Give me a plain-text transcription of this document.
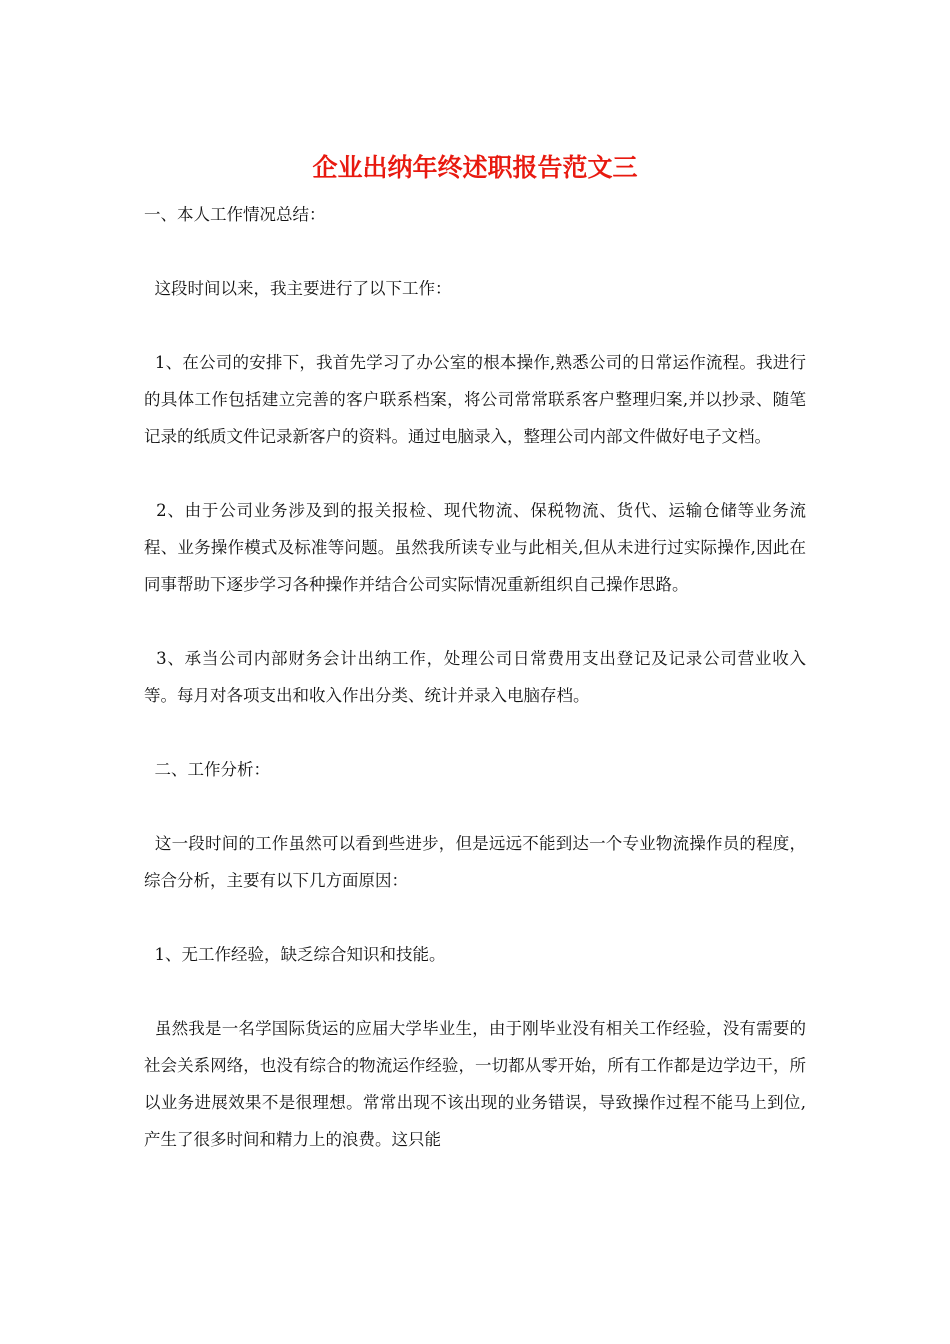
企业出纳年终述职报告范文三

一、本人工作情况总结：

这段时间以来，我主要进行了以下工作：

1、在公司的安排下，我首先学习了办公室的根本操作,熟悉公司的日常运作流程。我进行的具体工作包括建立完善的客户联系档案，将公司常常联系客户整理归案,并以抄录、随笔记录的纸质文件记录新客户的资料。通过电脑录入，整理公司内部文件做好电子文档。

2、由于公司业务涉及到的报关报检、现代物流、保税物流、货代、运输仓储等业务流程、业务操作模式及标准等问题。虽然我所读专业与此相关,但从未进行过实际操作,因此在同事帮助下逐步学习各种操作并结合公司实际情况重新组织自己操作思路。

3、承当公司内部财务会计出纳工作，处理公司日常费用支出登记及记录公司营业收入等。每月对各项支出和收入作出分类、统计并录入电脑存档。

二、工作分析：

这一段时间的工作虽然可以看到些进步，但是远远不能到达一个专业物流操作员的程度，综合分析，主要有以下几方面原因：

1、无工作经验，缺乏综合知识和技能。

虽然我是一名学国际货运的应届大学毕业生，由于刚毕业没有相关工作经验，没有需要的社会关系网络，也没有综合的物流运作经验，一切都从零开始，所有工作都是边学边干，所以业务进展效果不是很理想。常常出现不该出现的业务错误，导致操作过程不能马上到位,产生了很多时间和精力上的浪费。这只能
